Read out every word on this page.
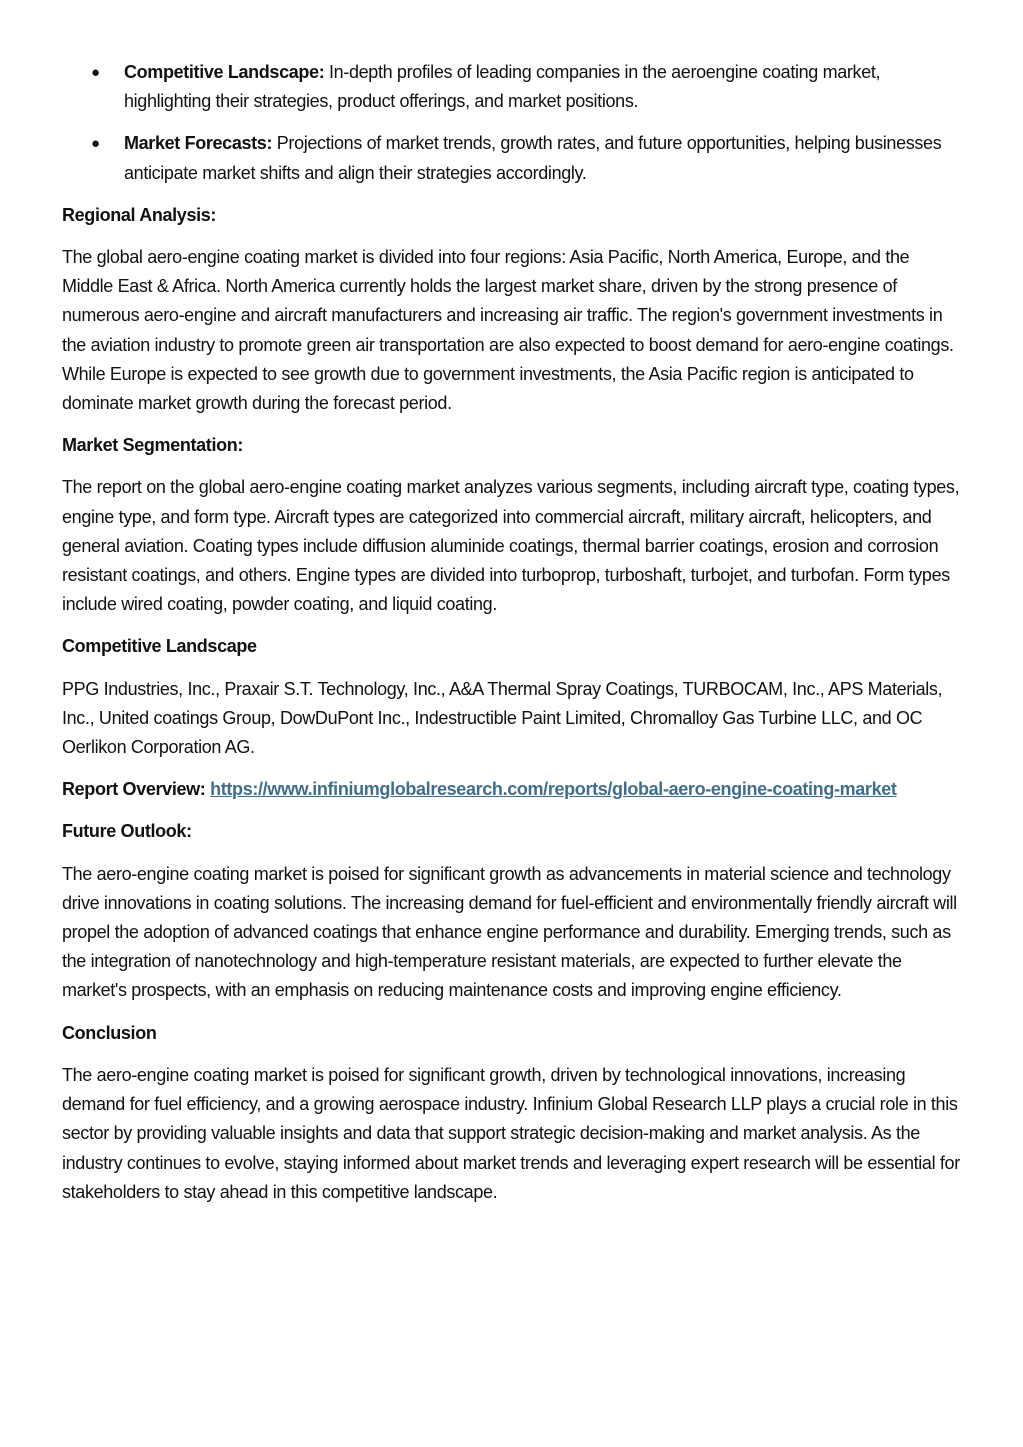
● Competitive Landscape: In-depth profiles of leading companies in the aeroengine coating market, highlighting their strategies, product offerings, and market positions.
● Market Forecasts: Projections of market trends, growth rates, and future opportunities, helping businesses anticipate market shifts and align their strategies accordingly.
Regional Analysis:

The global aero-engine coating market is divided into four regions: Asia Pacific, North America, Europe, and the Middle East & Africa. North America currently holds the largest market share, driven by the strong presence of numerous aero-engine and aircraft manufacturers and increasing air traffic. The region's government investments in the aviation industry to promote green air transportation are also expected to boost demand for aero-engine coatings. While Europe is expected to see growth due to government investments, the Asia Pacific region is anticipated to dominate market growth during the forecast period.

Market Segmentation:

The report on the global aero-engine coating market analyzes various segments, including aircraft type, coating types, engine type, and form type. Aircraft types are categorized into commercial aircraft, military aircraft, helicopters, and general aviation. Coating types include diffusion aluminide coatings, thermal barrier coatings, erosion and corrosion resistant coatings, and others. Engine types are divided into turboprop, turboshaft, turbojet, and turbofan. Form types include wired coating, powder coating, and liquid coating.

Competitive Landscape

PPG Industries, Inc., Praxair S.T. Technology, Inc., A&A Thermal Spray Coatings, TURBOCAM, Inc., APS Materials, Inc., United coatings Group, DowDuPont Inc., Indestructible Paint Limited, Chromalloy Gas Turbine LLC, and OC Oerlikon Corporation AG.

Report Overview: https://www.infiniumglobalresearch.com/reports/global-aero-engine-coating-market

Future Outlook:

The aero-engine coating market is poised for significant growth as advancements in material science and technology drive innovations in coating solutions. The increasing demand for fuel-efficient and environmentally friendly aircraft will propel the adoption of advanced coatings that enhance engine performance and durability. Emerging trends, such as the integration of nanotechnology and high-temperature resistant materials, are expected to further elevate the market's prospects, with an emphasis on reducing maintenance costs and improving engine efficiency.

Conclusion

The aero-engine coating market is poised for significant growth, driven by technological innovations, increasing demand for fuel efficiency, and a growing aerospace industry. Infinium Global Research LLP plays a crucial role in this sector by providing valuable insights and data that support strategic decision-making and market analysis. As the industry continues to evolve, staying informed about market trends and leveraging expert research will be essential for stakeholders to stay ahead in this competitive landscape.
